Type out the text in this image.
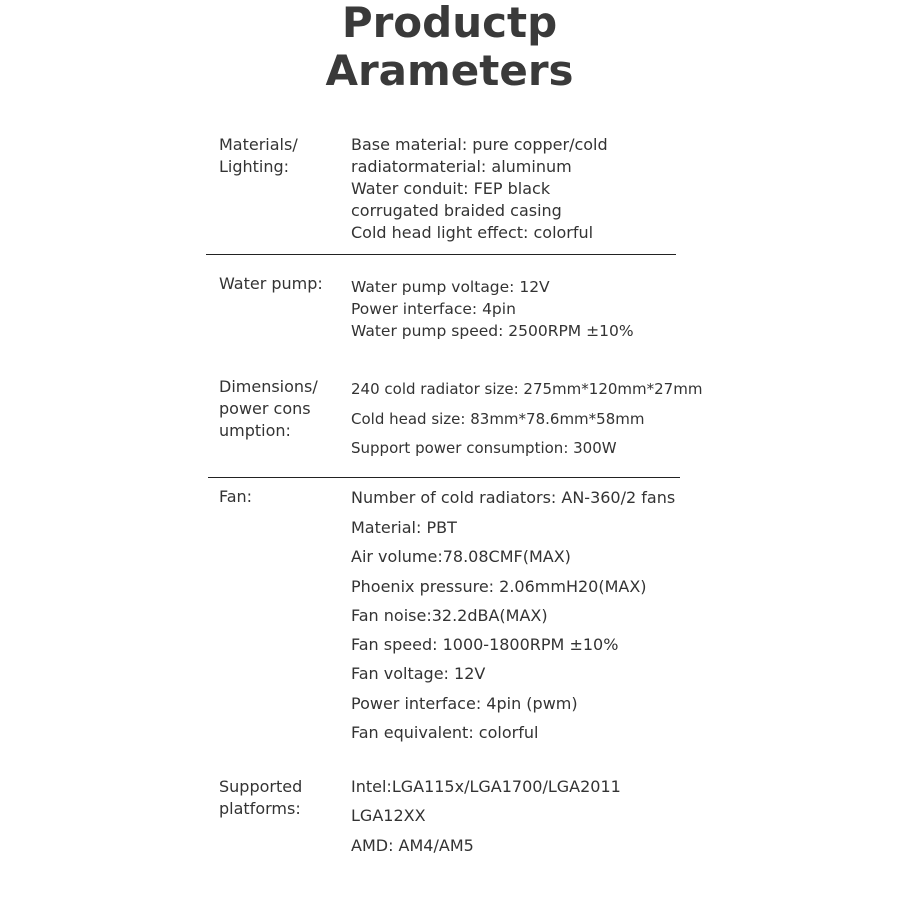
Productp
Arameters
Materials/
Lighting:
Base material: pure copper/cold
radiatormaterial: aluminum
Water conduit: FEP black
corrugated braided casing
Cold head light effect: colorful
Water pump: Water pump voltage: 12V
Power interface: 4pin
Water pump speed: 2500RPM ±10%
Dimensions/
power cons
umption:
240 cold radiator size: 275mm*120mm*27mm
Cold head size: 83mm*78.6mm*58mm
Support power consumption: 300W
Fan:	Number of cold radiators: AN-360/2 fans
Material: PBT
Air volume:78.08CMF(MAX)
Phoenix pressure: 2.06mmH20(MAX)
Fan noise:32.2dBA(MAX)
Fan speed: 1000-1800RPM ±10%
Fan voltage: 12V
Power interface: 4pin (pwm)
Fan equivalent: colorful
Supported
platforms:
Intel:LGA115x/LGA1700/LGA2011
LGA12XX
AMD: AM4/AM5
